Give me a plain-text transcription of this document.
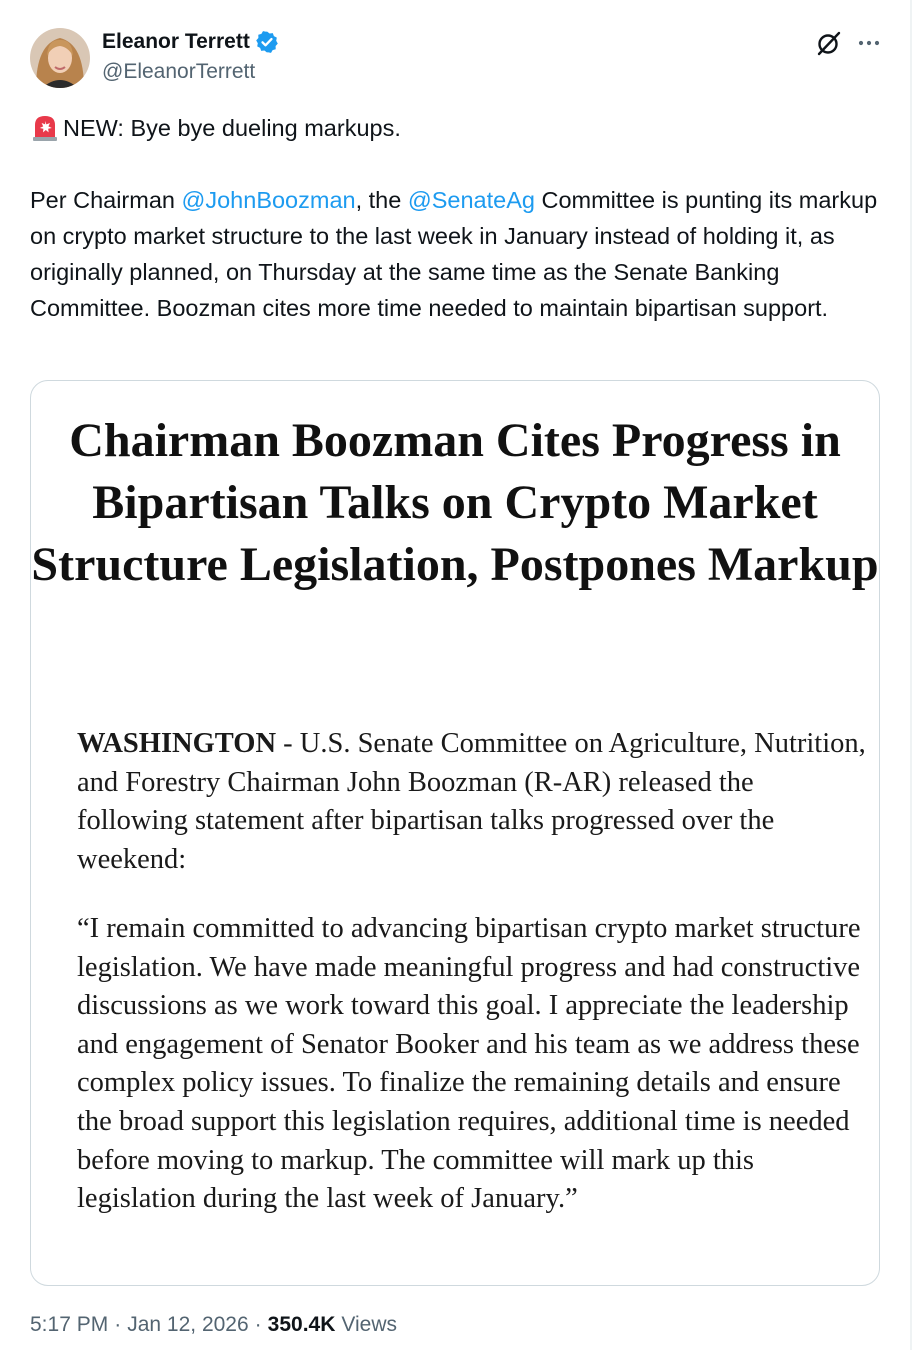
Eleanor Terrett
@EleanorTerrett
NEW: Bye bye dueling markups.
Per Chairman @JohnBoozman, the @SenateAg Committee is punting its markup on crypto market structure to the last week in January instead of holding it, as originally planned, on Thursday at the same time as the Senate Banking Committee. Boozman cites more time needed to maintain bipartisan support.
Chairman Boozman Cites Progress in Bipartisan Talks on Crypto Market Structure Legislation, Postpones Markup
WASHINGTON - U.S. Senate Committee on Agriculture, Nutrition, and Forestry Chairman John Boozman (R-AR) released the following statement after bipartisan talks progressed over the weekend:
“I remain committed to advancing bipartisan crypto market structure legislation. We have made meaningful progress and had constructive discussions as we work toward this goal. I appreciate the leadership and engagement of Senator Booker and his team as we address these complex policy issues. To finalize the remaining details and ensure the broad support this legislation requires, additional time is needed before moving to markup. The committee will mark up this legislation during the last week of January.”
5:17 PM · Jan 12, 2026 · 350.4K Views
